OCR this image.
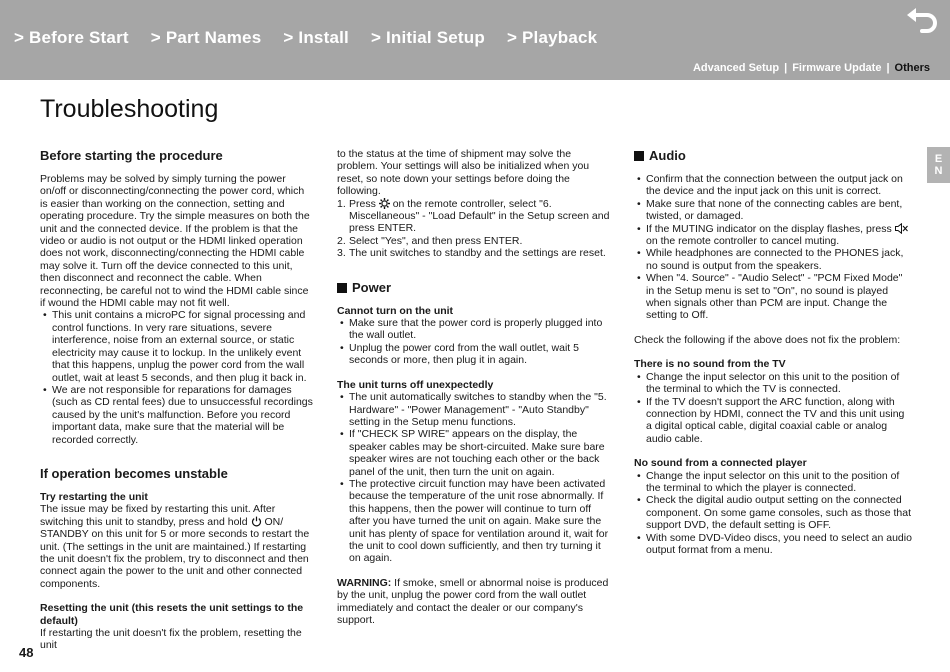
> Before Start > Part Names > Install > Initial Setup > Playback
Advanced Setup | Firmware Update | Others
Troubleshooting
EN
Before starting the procedure

Problems may be solved by simply turning the power on/off or disconnecting/connecting the power cord, which is easier than working on the connection, setting and operating procedure. Try the simple measures on both the unit and the connected device. If the problem is that the video or audio is not output or the HDMI linked operation does not work, disconnecting/connecting the HDMI cable may solve it. Turn off the device connected to this unit, then disconnect and reconnect the cable. When reconnecting, be careful not to wind the HDMI cable since if wound the HDMI cable may not fit well.

• This unit contains a microPC for signal processing and control functions. In very rare situations, severe interference, noise from an external source, or static electricity may cause it to lockup. In the unlikely event that this happens, unplug the power cord from the wall outlet, wait at least 5 seconds, and then plug it back in.
• We are not responsible for reparations for damages (such as CD rental fees) due to unsuccessful recordings caused by the unit's malfunction. Before you record important data, make sure that the material will be recorded correctly.
If operation becomes unstable
Try restarting the unit

The issue may be fixed by restarting this unit. After switching this unit to standby, press and hold ON/ STANDBY on this unit for 5 or more seconds to restart the unit. (The settings in the unit are maintained.) If restarting the unit doesn't fix the problem, try to disconnect and then connect again the power to the unit and other connected components.

Resetting the unit (this resets the unit settings to the default)

If restarting the unit doesn't fix the problem, resetting the unit

to the status at the time of shipment may solve the problem. Your settings will also be initialized when you reset, so note down your settings before doing the following.

1. Press on the remote controller, select "6. Miscellaneous" - "Load Default" in the Setup screen and press ENTER.
2. Select "Yes", and then press ENTER.
3. The unit switches to standby and the settings are reset.
Power
Cannot turn on the unit
• Make sure that the power cord is properly plugged into the wall outlet.
• Unplug the power cord from the wall outlet, wait 5 seconds or more, then plug it in again.
The unit turns off unexpectedly
• The unit automatically switches to standby when the "5. Hardware" - "Power Management" - "Auto Standby" setting in the Setup menu functions.
• If "CHECK SP WIRE" appears on the display, the speaker cables may be short-circuited. Make sure bare speaker wires are not touching each other or the back panel of the unit, then turn the unit on again.
• The protective circuit function may have been activated because the temperature of the unit rose abnormally. If this happens, then the power will continue to turn off after you have turned the unit on again. Make sure the unit has plenty of space for ventilation around it, wait for the unit to cool down sufficiently, and then try turning it on again.

WARNING: If smoke, smell or abnormal noise is produced by the unit, unplug the power cord from the wall outlet immediately and contact the dealer or our company's support.

Audio
• Confirm that the connection between the output jack on the device and the input jack on this unit is correct.
• Make sure that none of the connecting cables are bent, twisted, or damaged.
• If the MUTING indicator on the display flashes, press  on the remote controller to cancel muting.
• While headphones are connected to the PHONES jack, no sound is output from the speakers.
• When "4. Source" - "Audio Select" - "PCM Fixed Mode" in the Setup menu is set to "On", no sound is played when signals other than PCM are input. Change the setting to Off.

Check the following if the above does not fix the problem:

There is no sound from the TV
• Change the input selector on this unit to the position of the terminal to which the TV is connected.
• If the TV doesn't support the ARC function, along with connection by HDMI, connect the TV and this unit using a digital optical cable, digital coaxial cable or analog audio cable.
No sound from a connected player
• Change the input selector on this unit to the position of the terminal to which the player is connected.
• Check the digital audio output setting on the connected component. On some game consoles, such as those that support DVD, the default setting is OFF.
• With some DVD-Video discs, you need to select an audio output format from a menu.
48
